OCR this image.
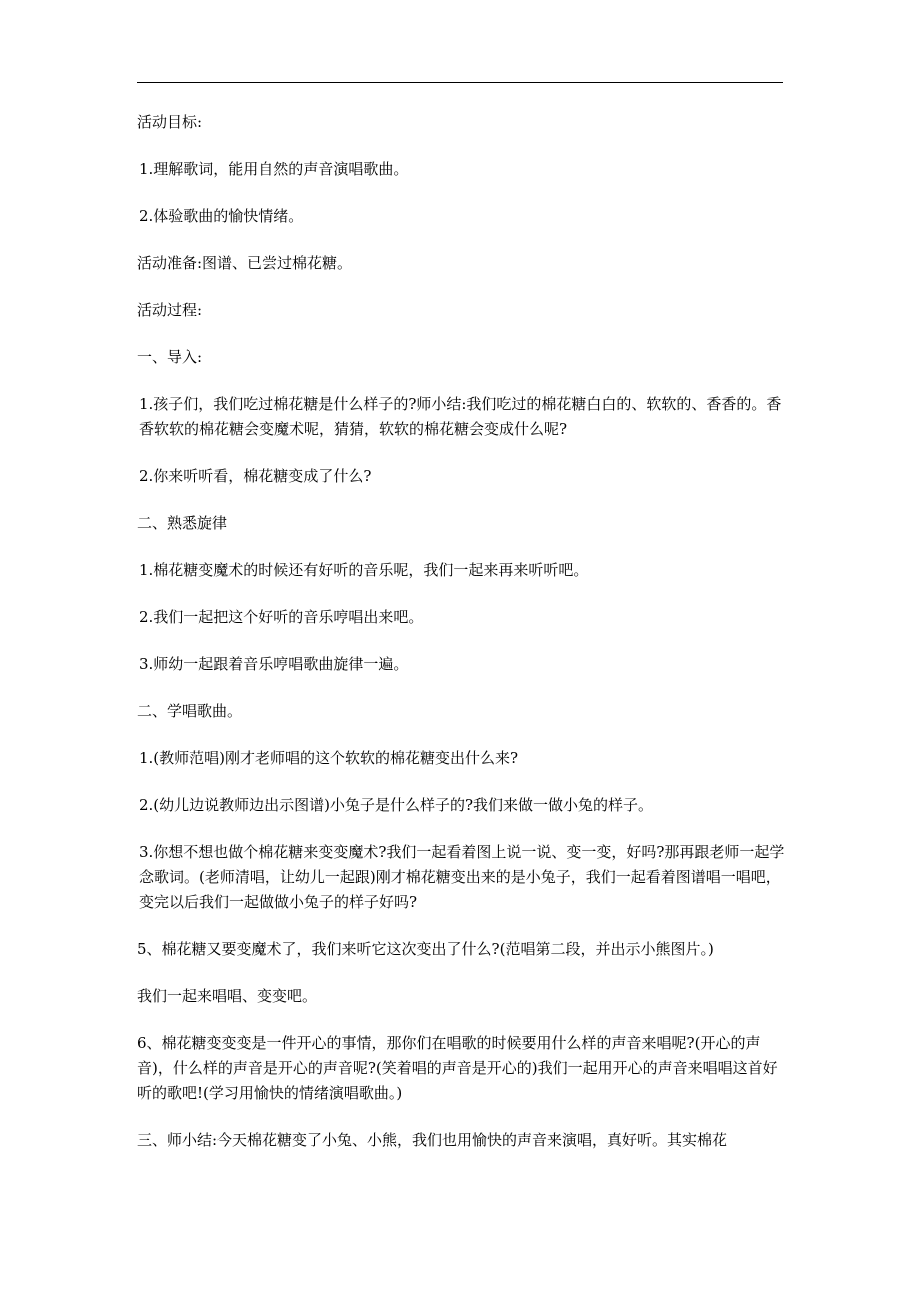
活动目标:

1.理解歌词，能用自然的声音演唱歌曲。

2.体验歌曲的愉快情绪。

活动准备:图谱、已尝过棉花糖。

活动过程:

一、导入:

1.孩子们，我们吃过棉花糖是什么样子的?师小结:我们吃过的棉花糖白白的、软软的、香香的。香香软软的棉花糖会变魔术呢，猜猜，软软的棉花糖会变成什么呢?

2.你来听听看，棉花糖变成了什么?

二、熟悉旋律

1.棉花糖变魔术的时候还有好听的音乐呢，我们一起来再来听听吧。

2.我们一起把这个好听的音乐哼唱出来吧。

3.师幼一起跟着音乐哼唱歌曲旋律一遍。

二、学唱歌曲。

1.(教师范唱)刚才老师唱的这个软软的棉花糖变出什么来?

2.(幼儿边说教师边出示图谱)小兔子是什么样子的?我们来做一做小兔的样子。

3.你想不想也做个棉花糖来变变魔术?我们一起看着图上说一说、变一变，好吗?那再跟老师一起学念歌词。(老师清唱，让幼儿一起跟)刚才棉花糖变出来的是小兔子，我们一起看着图谱唱一唱吧，变完以后我们一起做做小兔子的样子好吗?

5、棉花糖又要变魔术了，我们来听它这次变出了什么?(范唱第二段，并出示小熊图片。)

我们一起来唱唱、变变吧。

6、棉花糖变变变是一件开心的事情，那你们在唱歌的时候要用什么样的声音来唱呢?(开心的声音)，什么样的声音是开心的声音呢?(笑着唱的声音是开心的)我们一起用开心的声音来唱唱这首好听的歌吧!(学习用愉快的情绪演唱歌曲。)

三、师小结:今天棉花糖变了小兔、小熊，我们也用愉快的声音来演唱，真好听。其实棉花
